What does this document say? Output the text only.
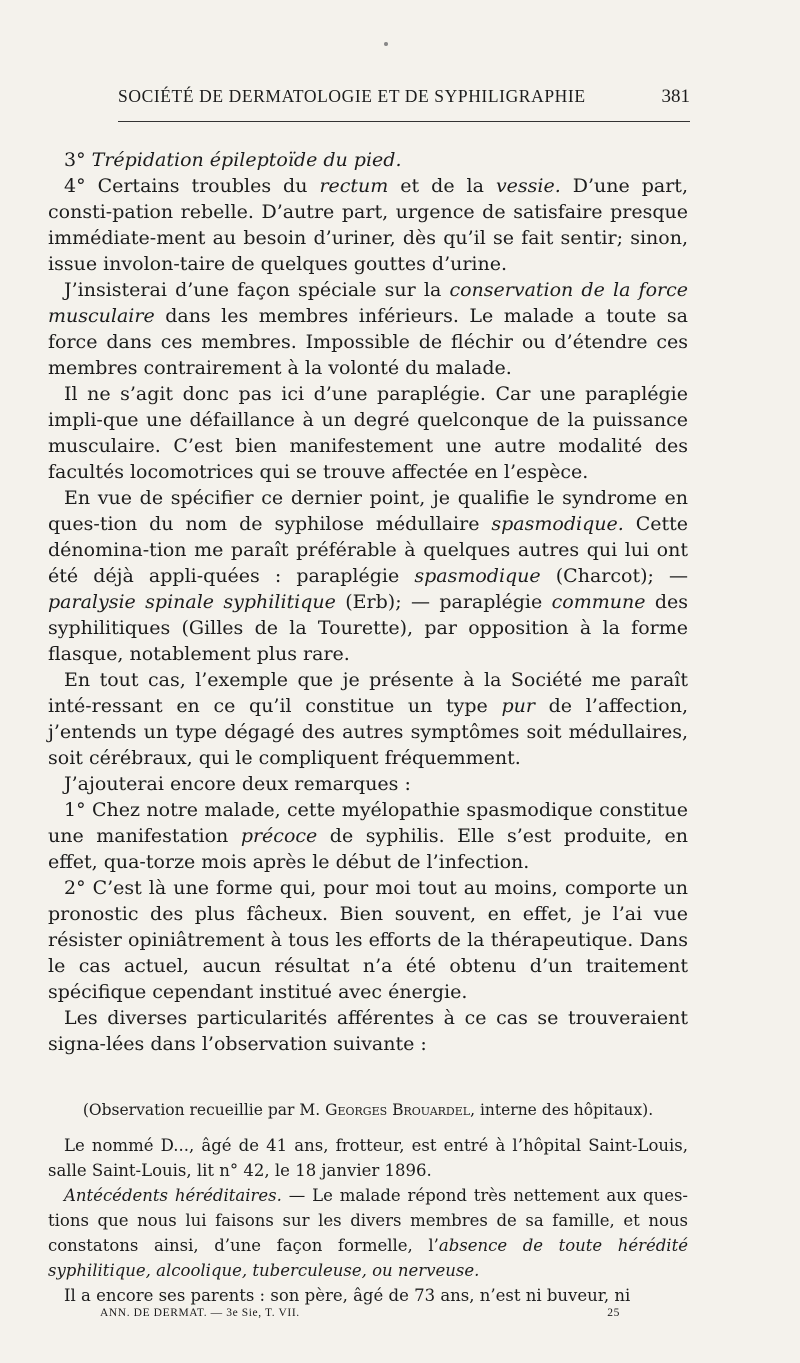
SOCIÉTÉ DE DERMATOLOGIE ET DE SYPHILIGRAPHIE	381

3° Trépidation épileptoïde du pied.

4° Certains troubles du rectum et de la vessie. D’une part, consti-pation rebelle. D’autre part, urgence de satisfaire presque immédiate-ment au besoin d’uriner, dès qu’il se fait sentir; sinon, issue involon-taire de quelques gouttes d’urine.

J’insisterai d’une façon spéciale sur la conservation de la force musculaire dans les membres inférieurs. Le malade a toute sa force dans ces membres. Impossible de fléchir ou d’étendre ces membres contrairement à la volonté du malade.

Il ne s’agit donc pas ici d’une paraplégie. Car une paraplégie impli-que une défaillance à un degré quelconque de la puissance musculaire. C’est bien manifestement une autre modalité des facultés locomotrices qui se trouve affectée en l’espèce.

En vue de spécifier ce dernier point, je qualifie le syndrome en ques-tion du nom de syphilose médullaire spasmodique. Cette dénomina-tion me paraît préférable à quelques autres qui lui ont été déjà appli-quées : paraplégie spasmodique (Charcot); — paralysie spinale syphilitique (Erb); — paraplégie commune des syphilitiques (Gilles de la Tourette), par opposition à la forme flasque, notablement plus rare.

En tout cas, l’exemple que je présente à la Société me paraît inté-ressant en ce qu’il constitue un type pur de l’affection, j’entends un type dégagé des autres symptômes soit médullaires, soit cérébraux, qui le compliquent fréquemment.

J’ajouterai encore deux remarques :

1° Chez notre malade, cette myélopathie spasmodique constitue une manifestation précoce de syphilis. Elle s’est produite, en effet, qua-torze mois après le début de l’infection.

2° C’est là une forme qui, pour moi tout au moins, comporte un pronostic des plus fâcheux. Bien souvent, en effet, je l’ai vue résister opiniâtrement à tous les efforts de la thérapeutique. Dans le cas actuel, aucun résultat n’a été obtenu d’un traitement spécifique cependant institué avec énergie.

Les diverses particularités afférentes à ce cas se trouveraient signa-lées dans l’observation suivante :

(Observation recueillie par M. Georges Brouardel, interne des hôpitaux).

Le nommé D..., âgé de 41 ans, frotteur, est entré à l’hôpital Saint-Louis, salle Saint-Louis, lit n° 42, le 18 janvier 1896.

Antécédents héréditaires. — Le malade répond très nettement aux ques-tions que nous lui faisons sur les divers membres de sa famille, et nous constatons ainsi, d’une façon formelle, l’absence de toute hérédité syphilitique, alcoolique, tuberculeuse, ou nerveuse.

Il a encore ses parents : son père, âgé de 73 ans, n’est ni buveur, ni

ANN. DE DERMAT. — 3e Sie, T. VII.	25
